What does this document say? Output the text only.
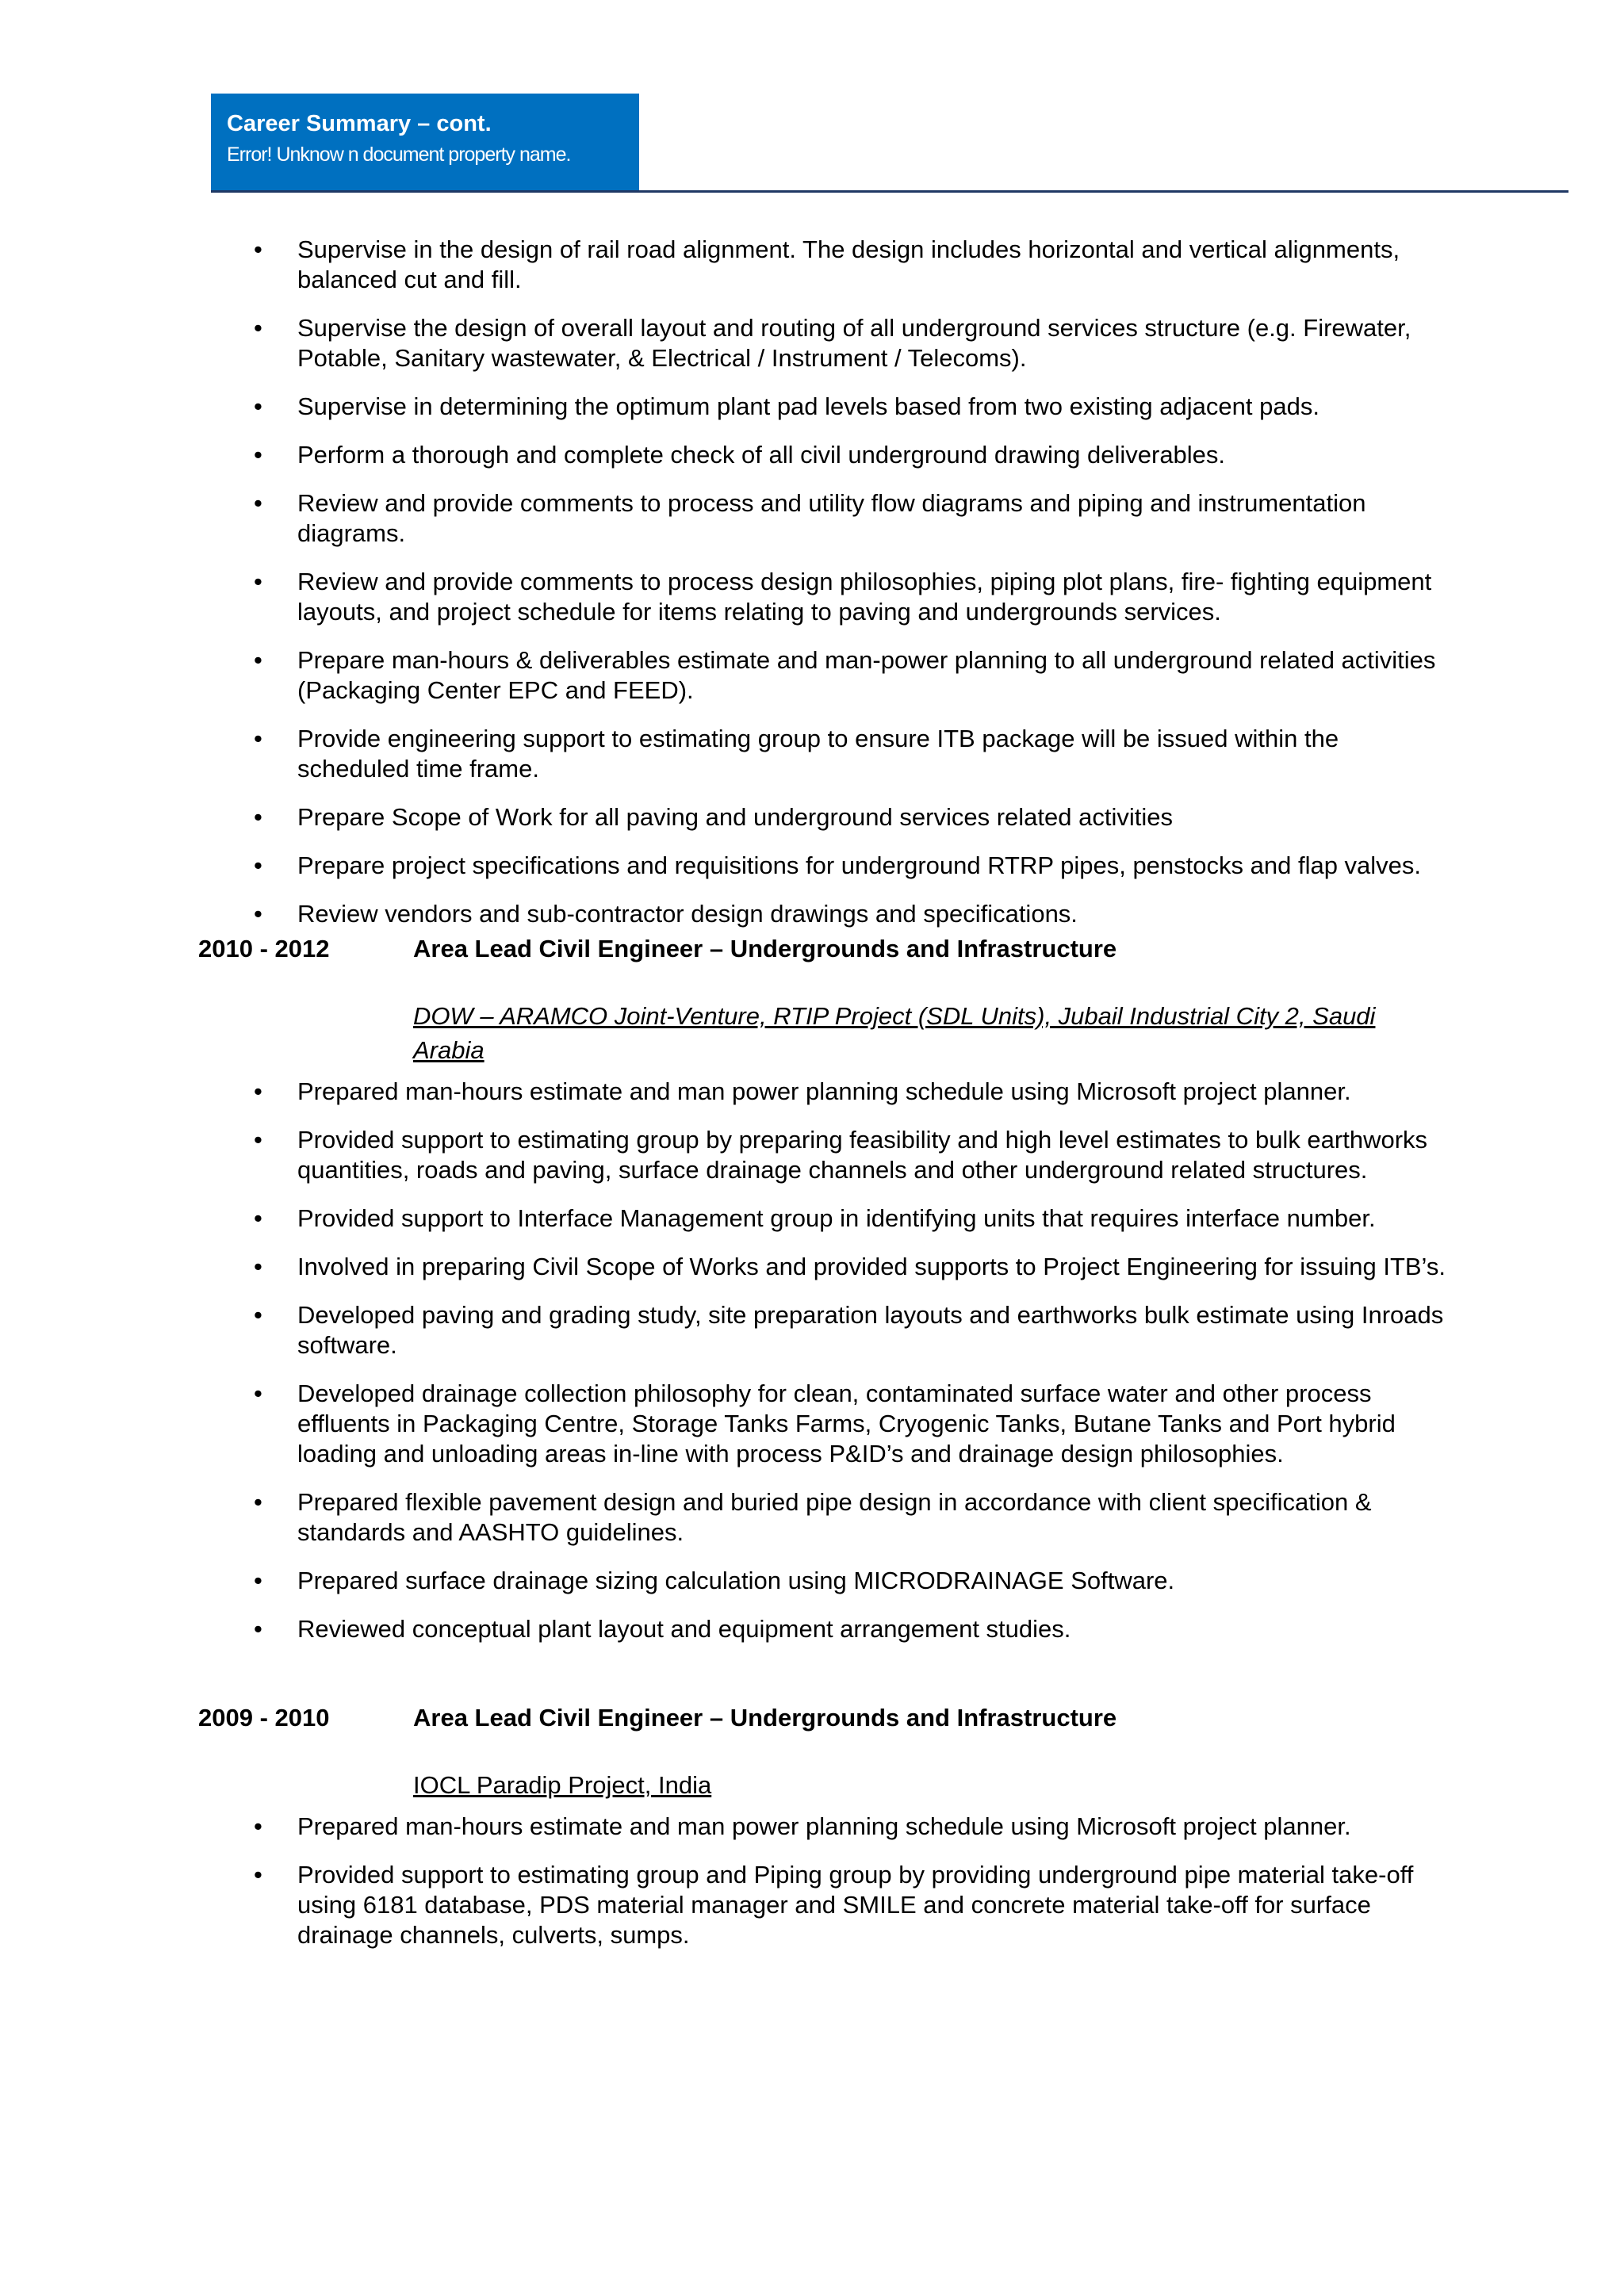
Career Summary – cont.
Error! Unknow n document property name.
• Supervise in the design of rail road alignment. The design includes horizontal and vertical alignments, balanced cut and fill.
• Supervise the design of overall layout and routing of all underground services structure (e.g. Firewater, Potable, Sanitary wastewater, & Electrical / Instrument / Telecoms).
• Supervise in determining the optimum plant pad levels based from two existing adjacent pads.
• Perform a thorough and complete check of all civil underground drawing deliverables.
• Review and provide comments to process and utility flow diagrams and piping and instrumentation diagrams.
• Review and provide comments to process design philosophies, piping plot plans, fire- fighting equipment layouts, and project schedule for items relating to paving and undergrounds services.
• Prepare man-hours & deliverables estimate and man-power planning to all underground related activities (Packaging Center EPC and FEED).
• Provide engineering support to estimating group to ensure ITB package will be issued within the scheduled time frame.
• Prepare Scope of Work for all paving and underground services related activities
• Prepare project specifications and requisitions for underground RTRP pipes, penstocks and flap valves.
• Review vendors and sub-contractor design drawings and specifications.
2010 - 2012	Area Lead Civil Engineer – Undergrounds and Infrastructure
DOW – ARAMCO Joint-Venture, RTIP Project (SDL Units), Jubail Industrial City 2, Saudi Arabia
• Prepared man-hours estimate and man power planning schedule using Microsoft project planner.
• Provided support to estimating group by preparing feasibility and high level estimates to bulk earthworks quantities, roads and paving, surface drainage channels and other underground related structures.
• Provided support to Interface Management group in identifying units that requires interface number.
• Involved in preparing Civil Scope of Works and provided supports to Project Engineering for issuing ITB’s.
• Developed paving and grading study, site preparation layouts and earthworks bulk estimate using Inroads software.
• Developed drainage collection philosophy for clean, contaminated surface water and other process effluents in Packaging Centre, Storage Tanks Farms, Cryogenic Tanks, Butane Tanks and Port hybrid loading and unloading areas in-line with process P&ID’s and drainage design philosophies.
• Prepared flexible pavement design and buried pipe design in accordance with client specification & standards and AASHTO guidelines.
• Prepared surface drainage sizing calculation using MICRODRAINAGE Software.
• Reviewed conceptual plant layout and equipment arrangement studies.
2009 - 2010	Area Lead Civil Engineer – Undergrounds and Infrastructure
IOCL Paradip Project, India
• Prepared man-hours estimate and man power planning schedule using Microsoft project planner.
• Provided support to estimating group and Piping group by providing underground pipe material take-off using 6181 database, PDS material manager and SMILE and concrete material take-off for surface drainage channels, culverts, sumps.
